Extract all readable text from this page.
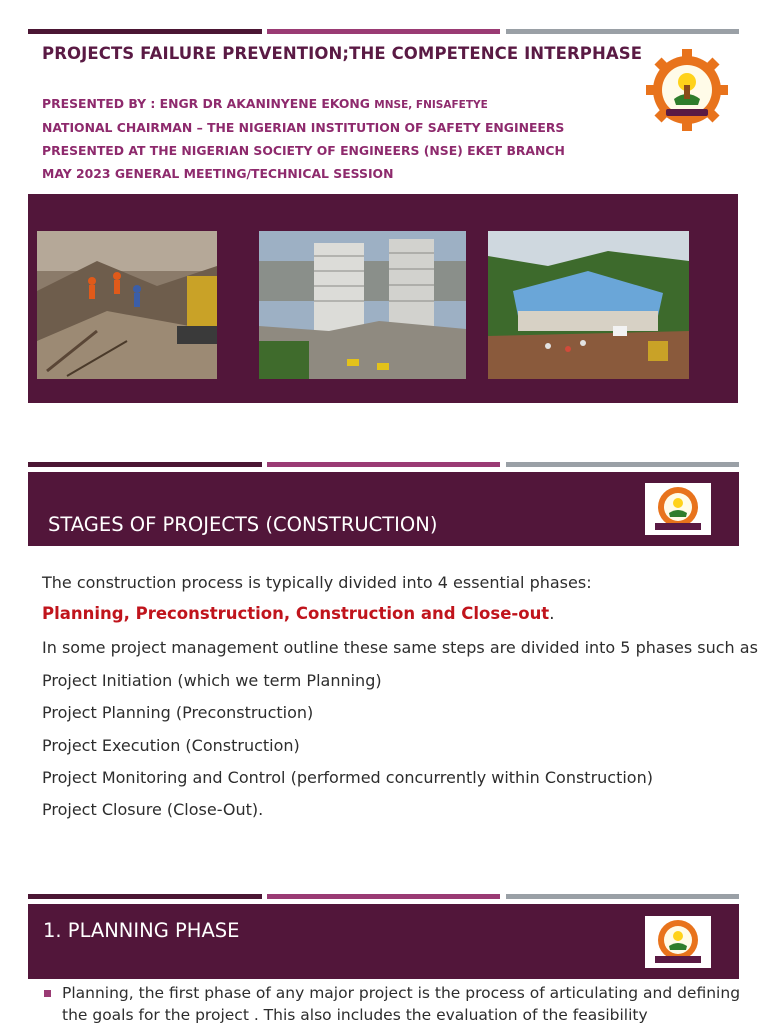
PROJECTS FAILURE PREVENTION;THE COMPETENCE INTERPHASE
PRESENTED BY : ENGR DR AKANINYENE EKONG MNSE, FNISAFETYE
NATIONAL CHAIRMAN – THE NIGERIAN INSTITUTION OF SAFETY ENGINEERS
PRESENTED AT THE NIGERIAN SOCIETY OF ENGINEERS (NSE) EKET BRANCH
MAY 2023 GENERAL MEETING/TECHNICAL SESSION
STAGES OF PROJECTS (CONSTRUCTION)
The construction process is typically divided into 4 essential phases:
Planning, Preconstruction, Construction and Close-out.
In some project management outline these same steps are divided into 5 phases such as
Project Initiation (which we term Planning)
Project Planning (Preconstruction)
Project Execution (Construction)
Project Monitoring and Control (performed concurrently within Construction)
Project Closure (Close-Out).
1. PLANNING PHASE
Planning, the first phase of any major project is the process of articulating and defining the goals for the project . This also includes the evaluation of the feasibility
